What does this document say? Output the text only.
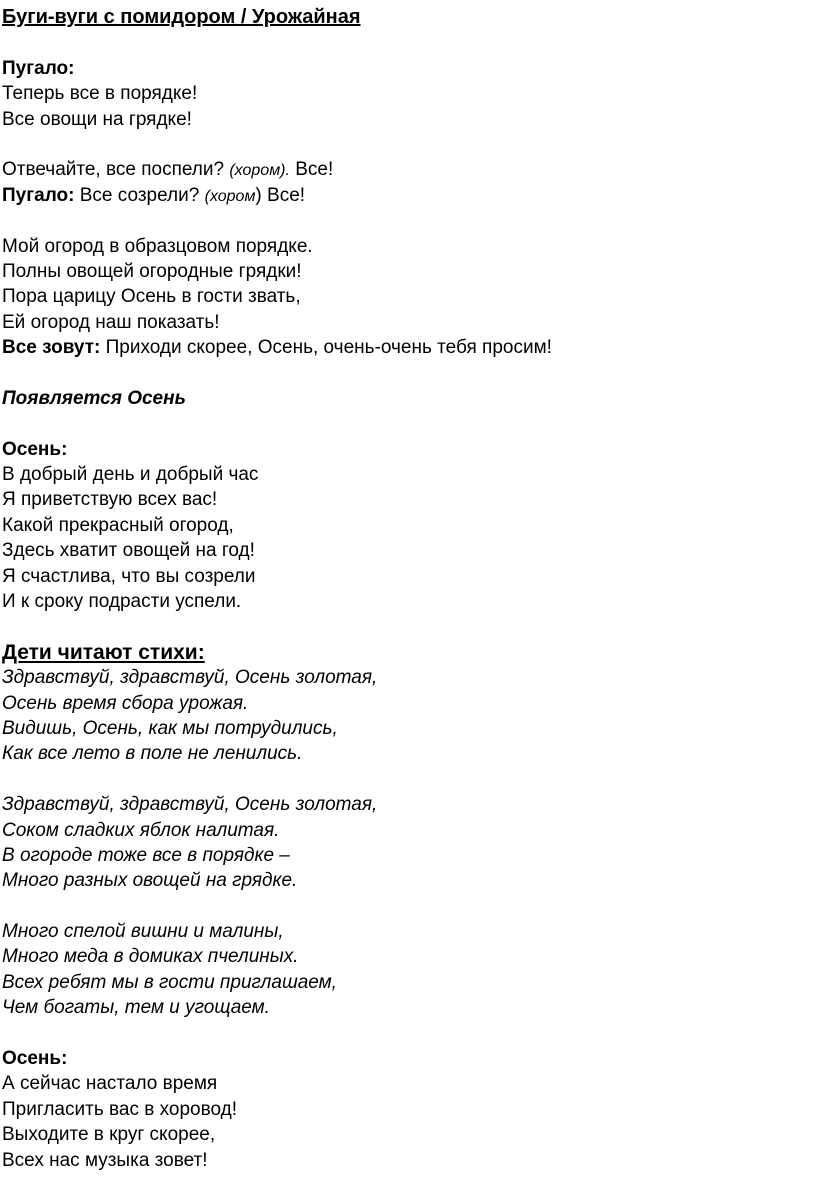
Буги-вуги с помидором / Урожайная

Пугало:

Теперь все в порядке!

Все овощи на грядке!

Отвечайте, все поспели? (хором). Все!

Пугало: Все созрели? (хором) Все!

Мой огород в образцовом порядке.

Полны овощей огородные грядки!

Пора царицу Осень в гости звать,

Ей огород наш показать!

Все зовут: Приходи скорее, Осень, очень-очень тебя просим!

Появляется Осень

Осень:

В добрый день и добрый час

Я приветствую всех вас!

Какой прекрасный огород,

Здесь хватит овощей на год!

Я счастлива, что вы созрели

И к сроку подрасти успели.

Дети читают стихи:

Здравствуй, здравствуй, Осень золотая,

Осень время сбора урожая.

Видишь, Осень, как мы потрудились,

Как все лето в поле не ленились.

Здравствуй, здравствуй, Осень золотая,

Соком сладких яблок налитая.

В огороде тоже все в порядке –

Много разных овощей на грядке.

Много спелой вишни и малины,

Много меда в домиках пчелиных.

Всех ребят мы в гости приглашаем,

Чем богаты, тем и угощаем.

Осень:

А сейчас настало время

Пригласить вас в хоровод!

Выходите в круг скорее,

Всех нас музыка зовет!
